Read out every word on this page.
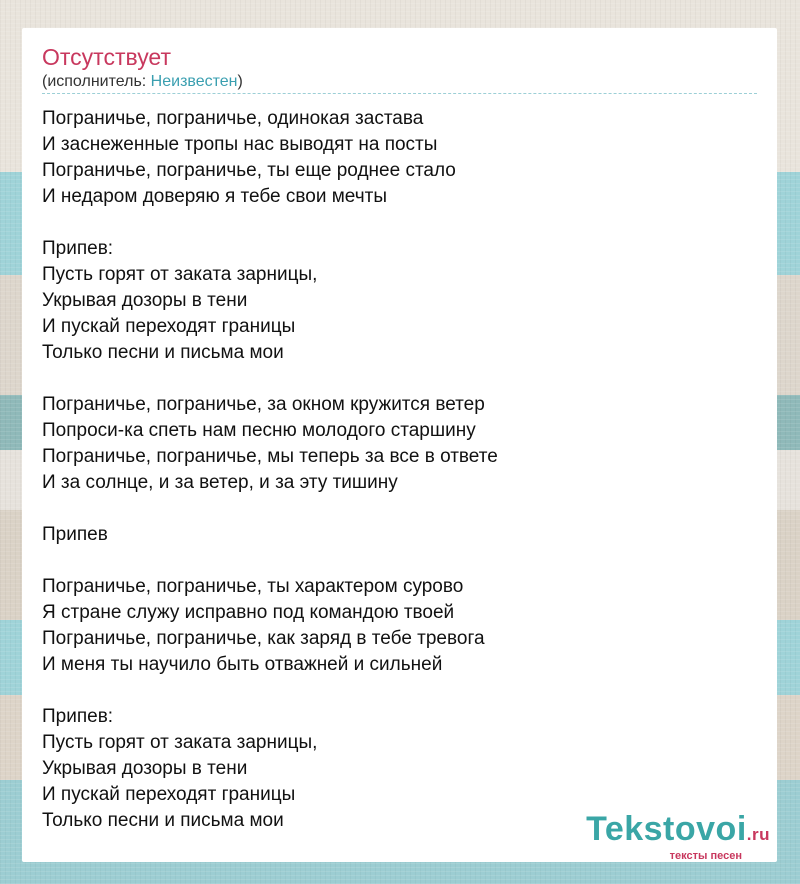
Отсутствует
(исполнитель: Неизвестен)
Пограничье, пограничье, одинокая застава
И заснеженные тропы нас выводят на посты
Пограничье, пограничье, ты еще роднее стало
И недаром доверяю я тебе свои мечты
Припев:
Пусть горят от заката зарницы,
Укрывая дозоры в тени
И пускай переходят границы
Только песни и письма мои
Пограничье, пограничье, за окном кружится ветер
Попроси-ка спеть нам песню молодого старшину
Пограничье, пограничье, мы теперь за все в ответе
И за солнце, и за ветер, и за эту тишину
Припев
Пограничье, пограничье, ты характером сурово
Я стране служу исправно под командою твоей
Пограничье, пограничье, как заряд в тебе тревога
И меня ты научило быть отважней и сильней
Припев:
Пусть горят от заката зарницы,
Укрывая дозоры в тени
И пускай переходят границы
Только песни и письма мои	Tekstovoi.ru
тексты песен
